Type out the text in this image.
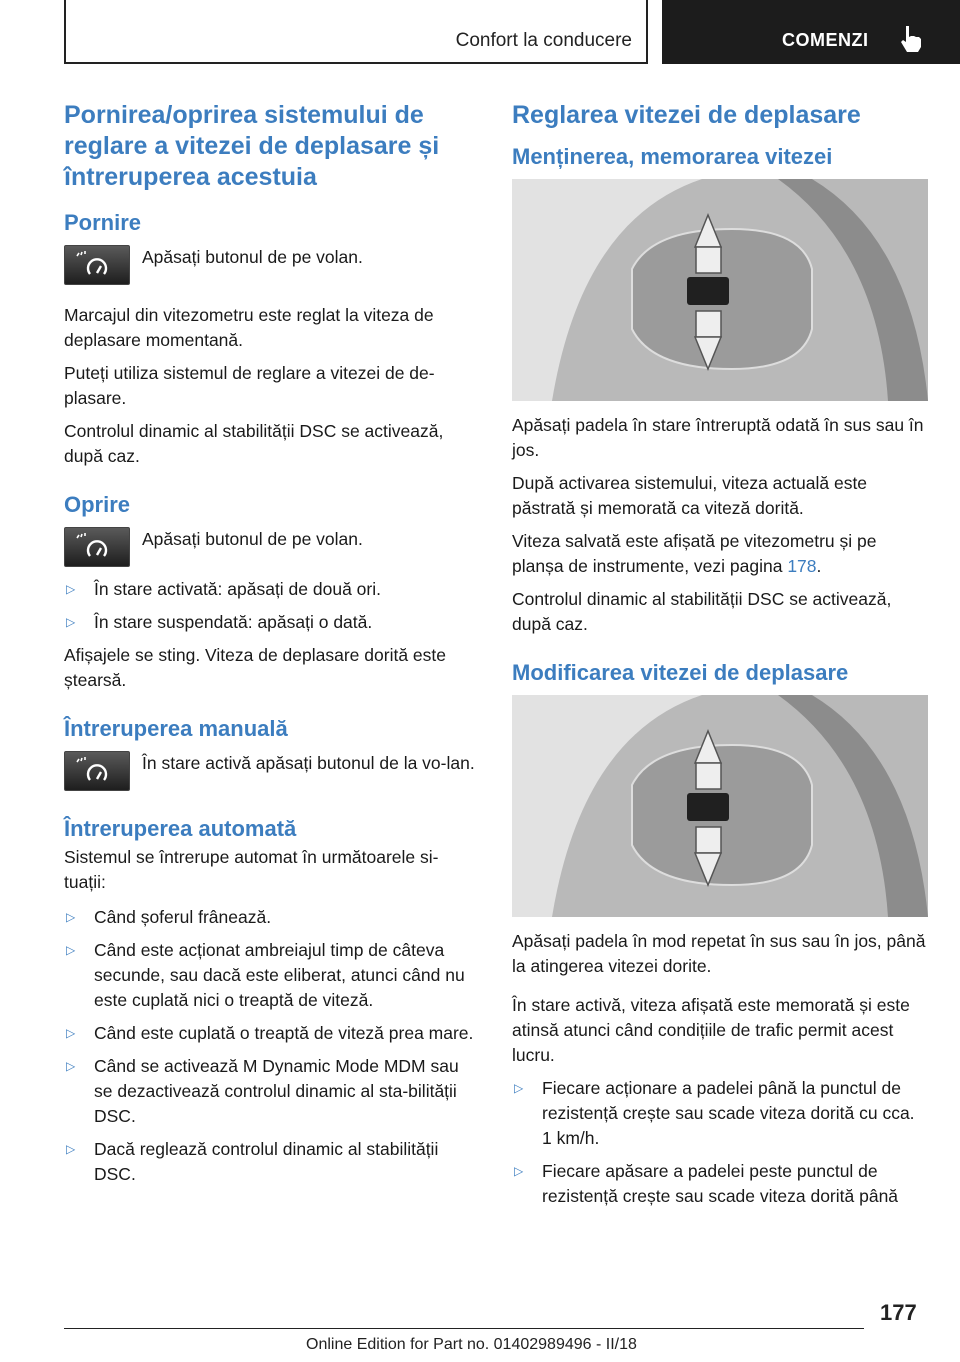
Confort la conducere	COMENZI
Pornirea/oprirea sistemului de reglare a vitezei de deplasare și întreruperea acestuia
Pornire

Apăsați butonul de pe volan.

Marcajul din vitezometru este reglat la viteza de deplasare momentană.

Puteți utiliza sistemul de reglare a vitezei de de-plasare.

Controlul dinamic al stabilității DSC se activează, după caz.

Oprire

Apăsați butonul de pe volan.

▷ În stare activată: apăsați de două ori.
▷ În stare suspendată: apăsați o dată.

Afișajele se sting. Viteza de deplasare dorită este ștearsă.

Întreruperea manuală

În stare activă apăsați butonul de la vo-lan.

Întreruperea automată

Sistemul se întrerupe automat în următoarele si-tuații:

▷ Când șoferul frânează.
▷ Când este acționat ambreiajul timp de câteva secunde, sau dacă este eliberat, atunci când nu este cuplată nici o treaptă de viteză.
▷ Când este cuplată o treaptă de viteză prea mare.
▷ Când se activează M Dynamic Mode MDM sau se dezactivează controlul dinamic al sta-bilității DSC.
▷ Dacă reglează controlul dinamic al stabilității DSC.
Reglarea vitezei de deplasare
Menținerea, memorarea vitezei

Apăsați padela în stare întreruptă odată în sus sau în jos.

După activarea sistemului, viteza actuală este păstrată și memorată ca viteză dorită.

Viteza salvată este afișată pe vitezometru și pe planșa de instrumente, vezi pagina 178.

Controlul dinamic al stabilității DSC se activează, după caz.

Modificarea vitezei de deplasare

Apăsați padela în mod repetat în sus sau în jos, până la atingerea vitezei dorite.

În stare activă, viteza afișată este memorată și este atinsă atunci când condițiile de trafic permit acest lucru.

▷ Fiecare acționare a padelei până la punctul de rezistență crește sau scade viteza dorită cu cca. 1 km/h.
▷ Fiecare apăsare a padelei peste punctul de rezistență crește sau scade viteza dorită până
177
Online Edition for Part no. 01402989496 - II/18
